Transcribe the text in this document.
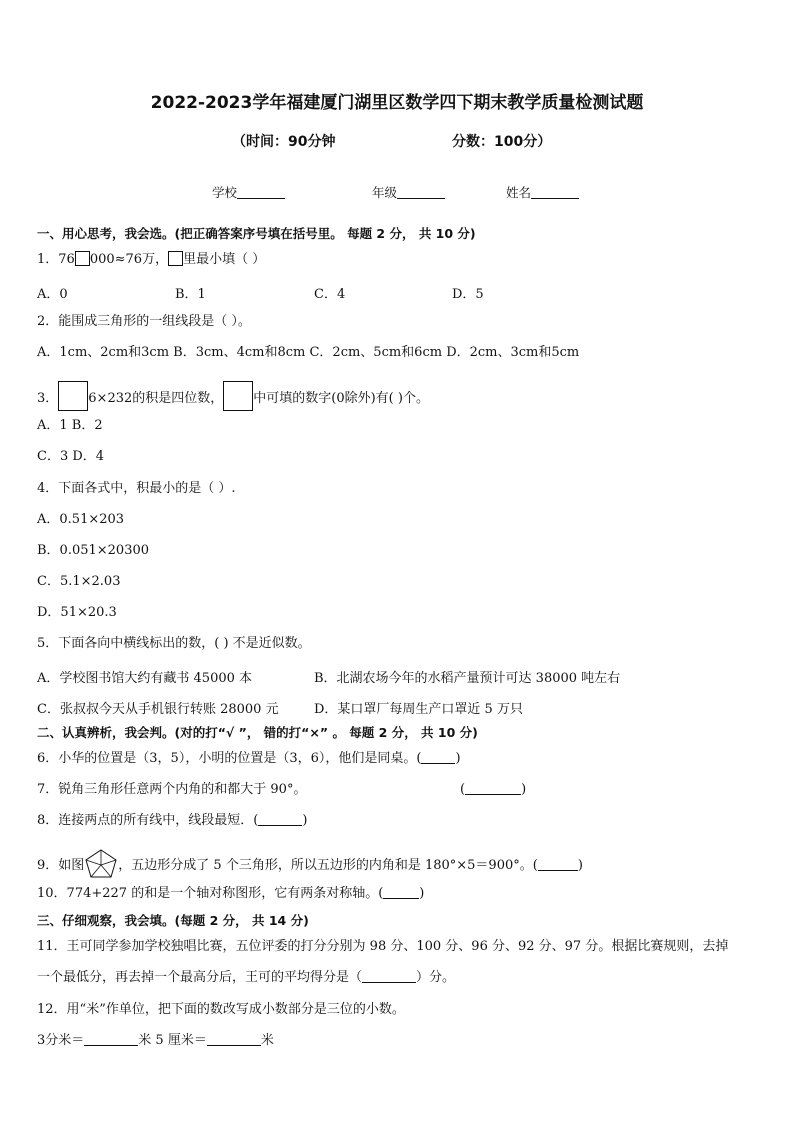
2022-2023学年福建厦门湖里区数学四下期末教学质量检测试题
（时间：90分钟	分数：100分）
学校	年级	姓名
一、用心思考，我会选。(把正确答案序号填在括号里。 每题 2 分， 共 10 分)
1．76 000≈76万， 里最小填（ ）
A．0	B．1	C．4	D．5
2．能围成三角形的一组线段是（ ）。
A．1cm、2cm和3cm B．3cm、4cm和8cm C．2cm、5cm和6cm D．2cm、3cm和5cm
3． 6×232的积是四位数， 中可填的数字(0除外)有( )个。
A．1 B．2
C．3 D．4
4．下面各式中，积最小的是（ ）.
A．0.51×203
B．0.051×20300
C．5.1×2.03
D．51×20.3
5．下面各向中横线标出的数，( ) 不是近似数。
A．学校图书馆大约有藏书 45000 本	B．北湖农场今年的水稻产量预计可达 38000 吨左右
C．张叔叔今天从手机银行转账 28000 元	D．某口罩厂每周生产口罩近 5 万只
二、认真辨析，我会判。(对的打“√ ”， 错的打“×” 。 每题 2 分， 共 10 分)
6．小华的位置是（3，5），小明的位置是（3，6），他们是同桌。(	)
7．锐角三角形任意两个内角的和都大于 90°。	(	)
8．连接两点的所有线中，线段最短．(	)
9．如图	，五边形分成了 5 个三角形，所以五边形的内角和是 180°×5＝900°。(	)
10．774+227 的和是一个轴对称图形，它有两条对称轴。(	)
三、仔细观察，我会填。(每题 2 分， 共 14 分)
11．王可同学参加学校独唱比赛，五位评委的打分分别为 98 分、100 分、96 分、92 分、97 分。根据比赛规则，去掉
一个最低分，再去掉一个最高分后，王可的平均得分是（	）分。
12．用“米”作单位，把下面的数改写成小数部分是三位的小数。
3分米＝	米 5 厘米＝	米
